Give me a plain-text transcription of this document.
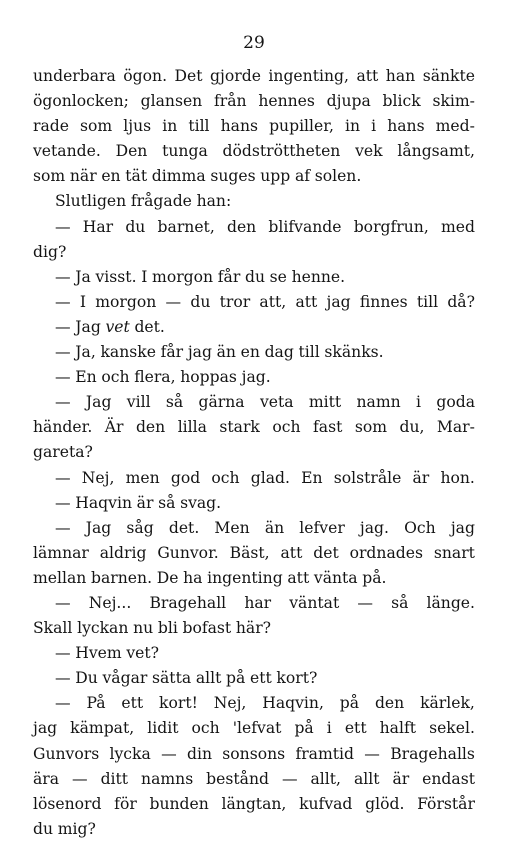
29
underbara ögon. Det gjorde ingenting, att han sänkte
ögonlocken; glansen från hennes djupa blick skim-
rade som ljus in till hans pupiller, in i hans med-
vetande. Den tunga dödströttheten vek långsamt,
som när en tät dimma suges upp af solen.
Slutligen frågade han:
— Har du barnet, den blifvande borgfrun, med
dig?
— Ja visst. I morgon får du se henne.
— I morgon — du tror att, att jag finnes till då?
— Jag vet det.
— Ja, kanske får jag än en dag till skänks.
— En och flera, hoppas jag.
— Jag vill så gärna veta mitt namn i goda
händer. Är den lilla stark och fast som du, Mar-
gareta?
— Nej, men god och glad. En solstråle är hon.
— Haqvin är så svag.
— Jag såg det. Men än lefver jag. Och jag
lämnar aldrig Gunvor. Bäst, att det ordnades snart
mellan barnen. De ha ingenting att vänta på.
— Nej... Bragehall har väntat — så länge.
Skall lyckan nu bli bofast här?
— Hvem vet?
— Du vågar sätta allt på ett kort?
— På ett kort! Nej, Haqvin, på den kärlek,
jag kämpat, lidit och 'lefvat på i ett halft sekel.
Gunvors lycka — din sonsons framtid — Bragehalls
ära — ditt namns bestånd — allt, allt är endast
lösenord för bunden längtan, kufvad glöd. Förstår
du mig?
